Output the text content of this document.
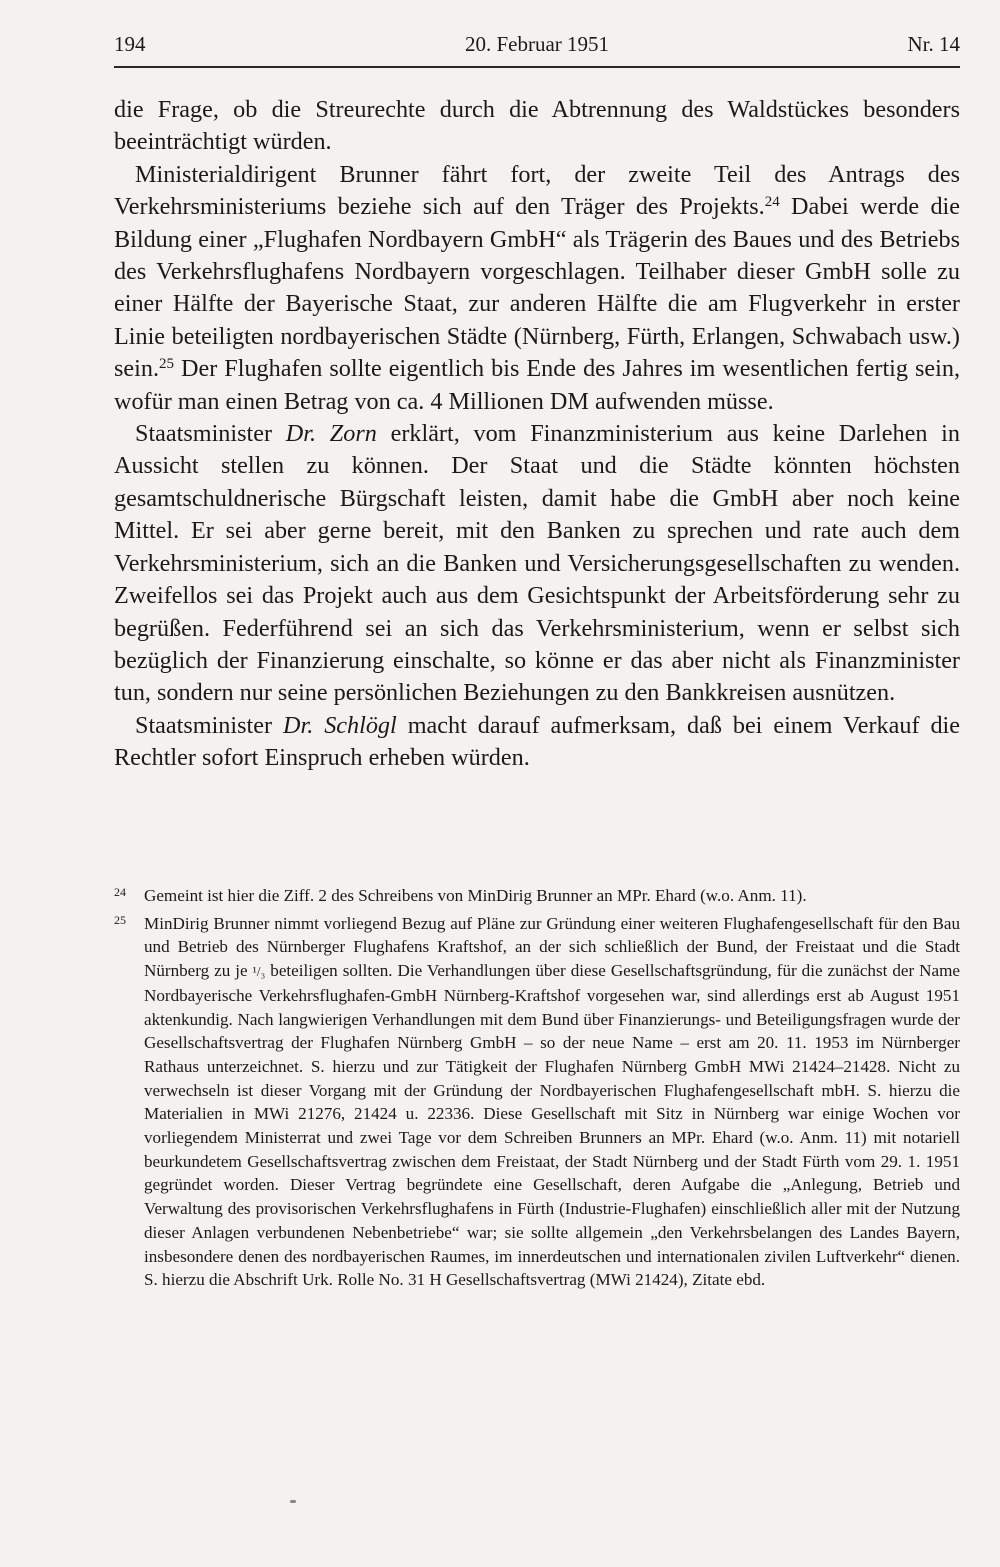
194	20. Februar 1951	Nr. 14

die Frage, ob die Streurechte durch die Abtrennung des Waldstückes besonders beeinträchtigt würden.

Ministerialdirigent Brunner fährt fort, der zweite Teil des Antrags des Verkehrsministeriums beziehe sich auf den Träger des Projekts.$^{24}$ Dabei werde die Bildung einer „Flughafen Nordbayern GmbH“ als Trägerin des Baues und des Betriebs des Verkehrsflughafens Nordbayern vorgeschlagen. Teilhaber dieser GmbH solle zu einer Hälfte der Bayerische Staat, zur anderen Hälfte die am Flugverkehr in erster Linie beteiligten nordbayerischen Städte (Nürnberg, Fürth, Erlangen, Schwabach usw.) sein.$^{25}$ Der Flughafen sollte eigentlich bis Ende des Jahres im wesentlichen fertig sein, wofür man einen Betrag von ca. 4 Millionen DM aufwenden müsse.

Staatsminister Dr. Zorn erklärt, vom Finanzministerium aus keine Darlehen in Aussicht stellen zu können. Der Staat und die Städte könnten höchsten gesamtschuldnerische Bürgschaft leisten, damit habe die GmbH aber noch keine Mittel. Er sei aber gerne bereit, mit den Banken zu sprechen und rate auch dem Verkehrsministerium, sich an die Banken und Versicherungsgesellschaften zu wenden. Zweifellos sei das Projekt auch aus dem Gesichtspunkt der Arbeitsförderung sehr zu begrüßen. Federführend sei an sich das Verkehrsministerium, wenn er selbst sich bezüglich der Finanzierung einschalte, so könne er das aber nicht als Finanzminister tun, sondern nur seine persönlichen Beziehungen zu den Bankkreisen ausnützen.

Staatsminister Dr. Schlögl macht darauf aufmerksam, daß bei einem Verkauf die Rechtler sofort Einspruch erheben würden.

24 Gemeint ist hier die Ziff. 2 des Schreibens von MinDirig Brunner an MPr. Ehard (w.o. Anm. 11).
25 MinDirig Brunner nimmt vorliegend Bezug auf Pläne zur Gründung einer weiteren Flughafengesellschaft für den Bau und Betrieb des Nürnberger Flughafens Kraftshof, an der sich schließlich der Bund, der Freistaat und die Stadt Nürnberg zu je ¹/₃ beteiligen sollten. Die Verhandlungen über diese Gesellschaftsgründung, für die zunächst der Name Nordbayerische Verkehrsflughafen-GmbH Nürnberg-Kraftshof vorgesehen war, sind allerdings erst ab August 1951 aktenkundig. Nach langwierigen Verhandlungen mit dem Bund über Finanzierungs- und Beteiligungsfragen wurde der Gesellschaftsvertrag der Flughafen Nürnberg GmbH – so der neue Name – erst am 20. 11. 1953 im Nürnberger Rathaus unterzeichnet. S. hierzu und zur Tätigkeit der Flughafen Nürnberg GmbH MWi 21424–21428. Nicht zu verwechseln ist dieser Vorgang mit der Gründung der Nordbayerischen Flughafengesellschaft mbH. S. hierzu die Materialien in MWi 21276, 21424 u. 22336. Diese Gesellschaft mit Sitz in Nürnberg war einige Wochen vor vorliegendem Ministerrat und zwei Tage vor dem Schreiben Brunners an MPr. Ehard (w.o. Anm. 11) mit notariell beurkundetem Gesellschaftsvertrag zwischen dem Freistaat, der Stadt Nürnberg und der Stadt Fürth vom 29. 1. 1951 gegründet worden. Dieser Vertrag begründete eine Gesellschaft, deren Aufgabe die „Anlegung, Betrieb und Verwaltung des provisorischen Verkehrsflughafens in Fürth (Industrie-Flughafen) einschließlich aller mit der Nutzung dieser Anlagen verbundenen Nebenbetriebe“ war; sie sollte allgemein „den Verkehrsbelangen des Landes Bayern, insbesondere denen des nordbayerischen Raumes, im innerdeutschen und internationalen zivilen Luftverkehr“ dienen. S. hierzu die Abschrift Urk. Rolle No. 31 H Gesellschaftsvertrag (MWi 21424), Zitate ebd.
